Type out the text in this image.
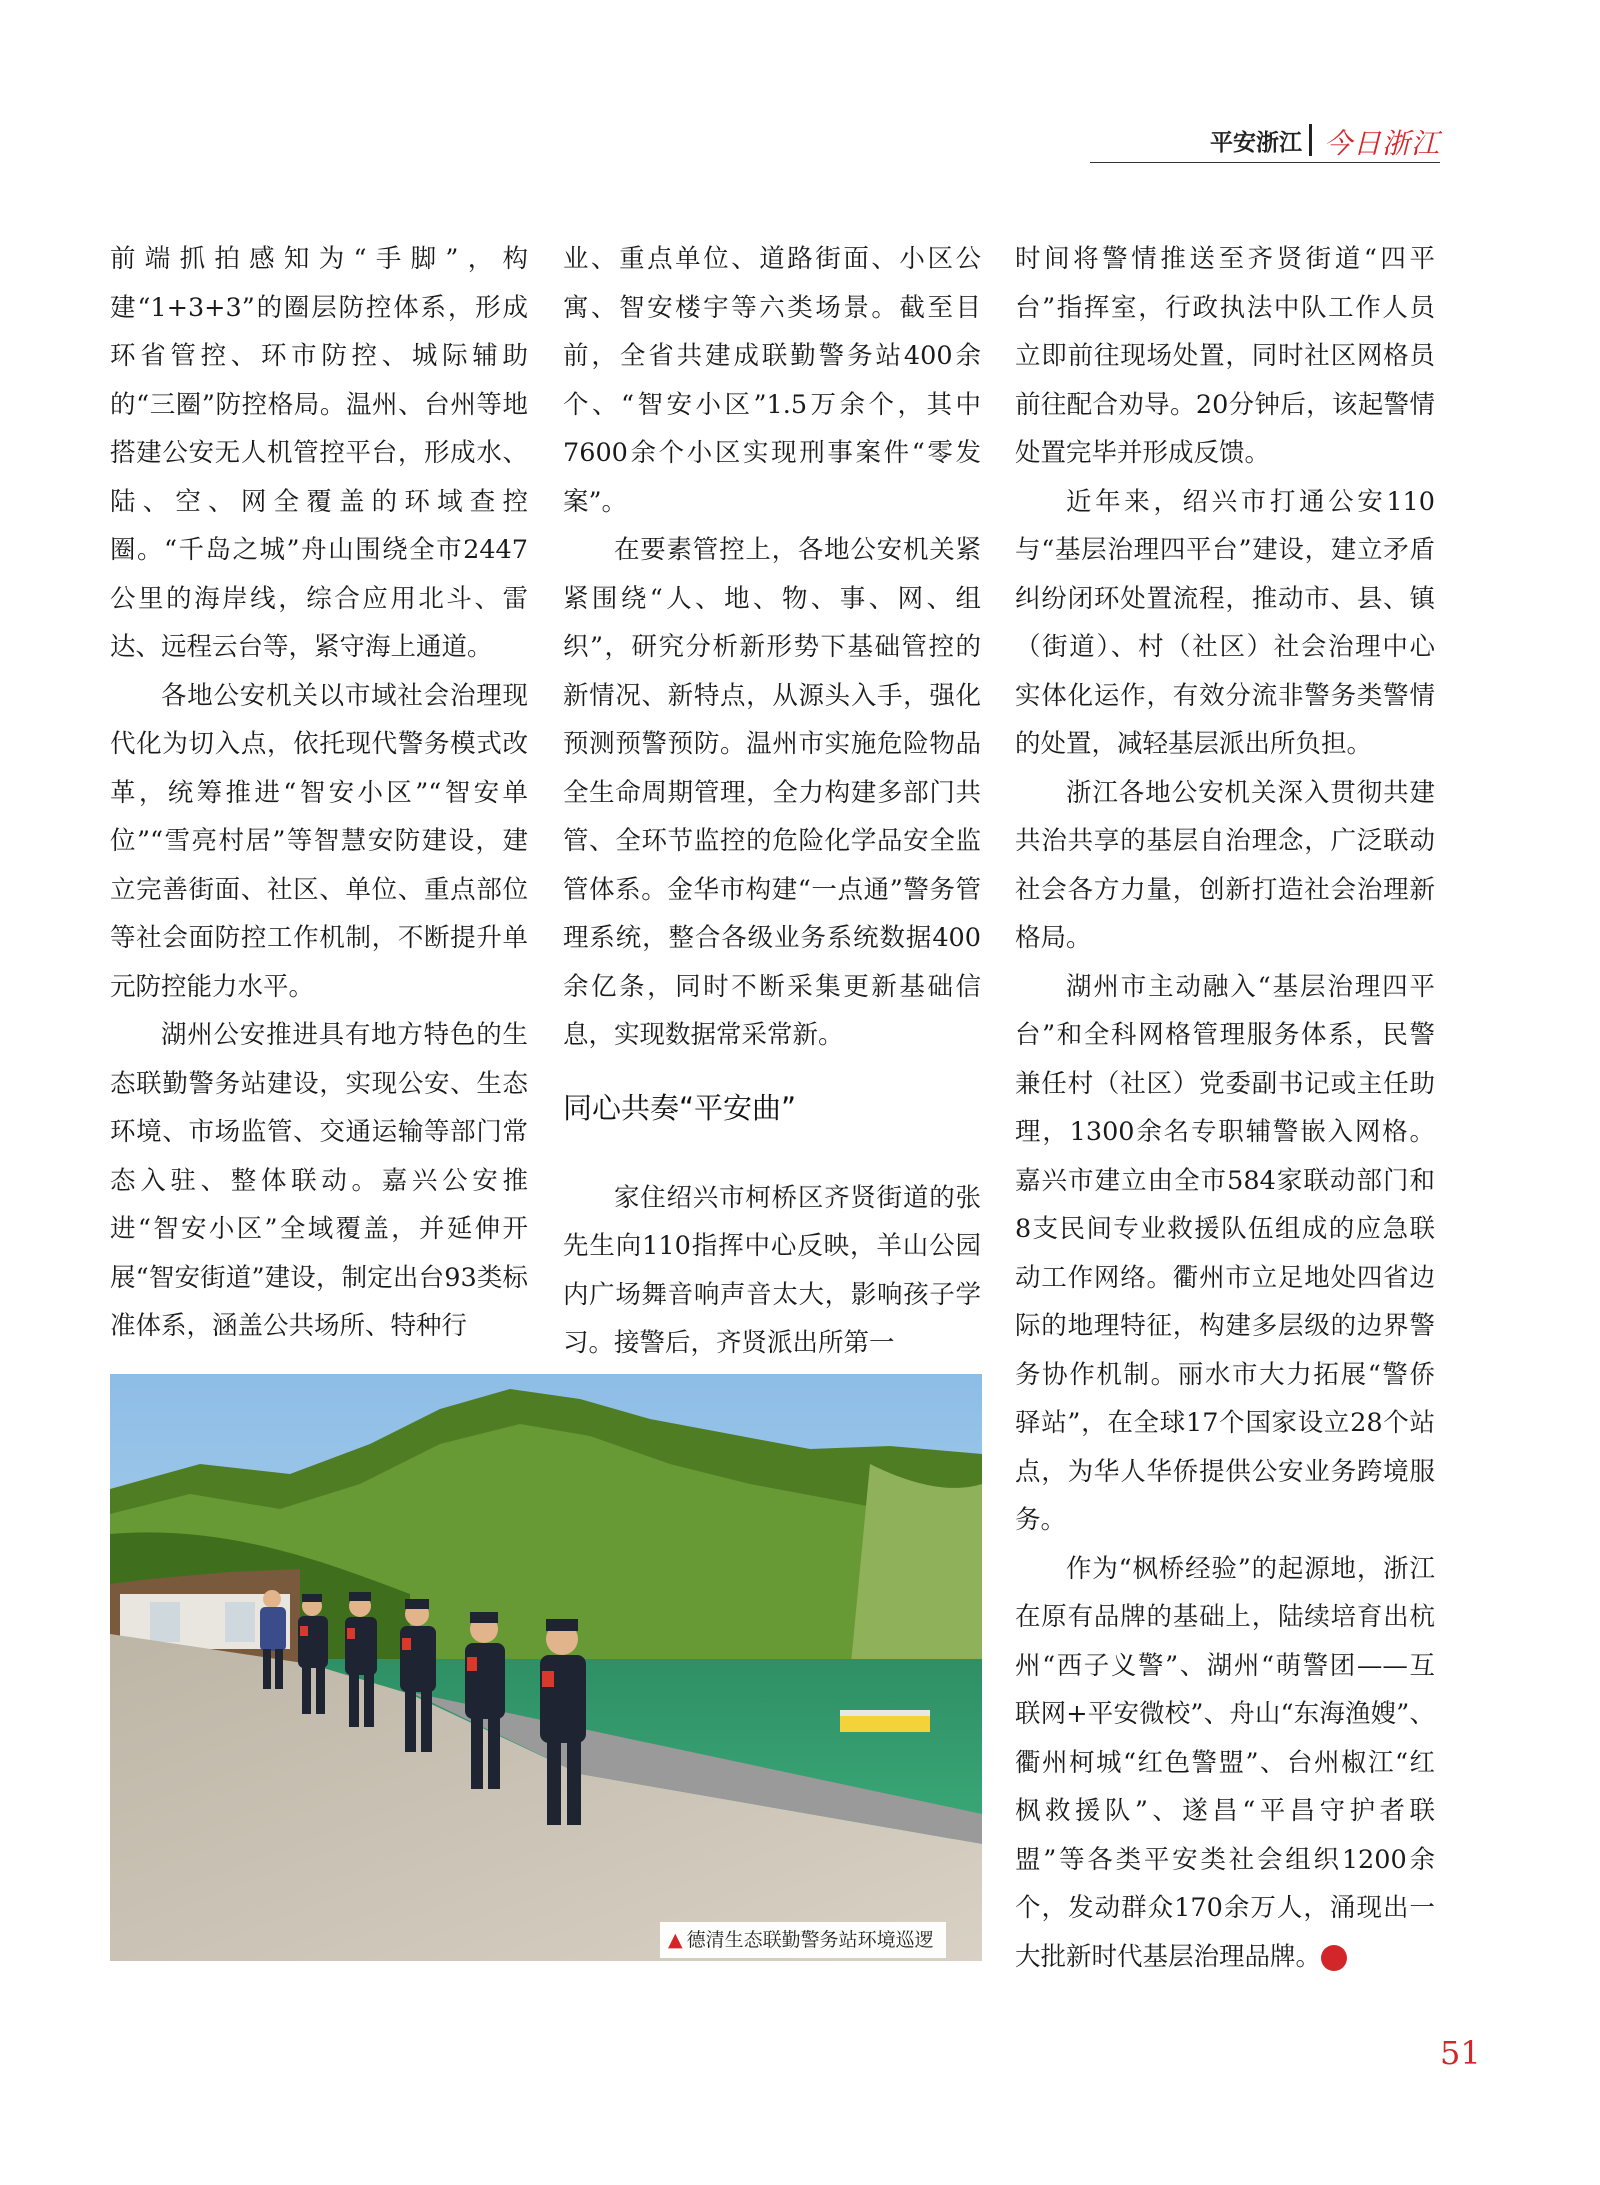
平安浙江 今日浙江

前端抓拍感知为“手脚”，构建“1+3+3”的圈层防控体系，形成环省管控、环市防控、城际辅助的“三圈”防控格局。温州、台州等地搭建公安无人机管控平台，形成水、陆、空、网全覆盖的环域查控圈。“千岛之城”舟山围绕全市2447公里的海岸线，综合应用北斗、雷达、远程云台等，紧守海上通道。

各地公安机关以市域社会治理现代化为切入点，依托现代警务模式改革，统筹推进“智安小区”“智安单位”“雪亮村居”等智慧安防建设，建立完善街面、社区、单位、重点部位等社会面防控工作机制，不断提升单元防控能力水平。

湖州公安推进具有地方特色的生态联勤警务站建设，实现公安、生态环境、市场监管、交通运输等部门常态入驻、整体联动。嘉兴公安推进“智安小区”全域覆盖，并延伸开展“智安街道”建设，制定出台93类标准体系，涵盖公共场所、特种行

业、重点单位、道路街面、小区公寓、智安楼宇等六类场景。截至目前，全省共建成联勤警务站400余个、“智安小区”1.5万余个，其中7600余个小区实现刑事案件“零发案”。

在要素管控上，各地公安机关紧紧围绕“人、地、物、事、网、组织”，研究分析新形势下基础管控的新情况、新特点，从源头入手，强化预测预警预防。温州市实施危险物品全生命周期管理，全力构建多部门共管、全环节监控的危险化学品安全监管体系。金华市构建“一点通”警务管理系统，整合各级业务系统数据400余亿条，同时不断采集更新基础信息，实现数据常采常新。

同心共奏“平安曲”

家住绍兴市柯桥区齐贤街道的张先生向110指挥中心反映，羊山公园内广场舞音响声音太大，影响孩子学习。接警后，齐贤派出所第一

时间将警情推送至齐贤街道“四平台”指挥室，行政执法中队工作人员立即前往现场处置，同时社区网格员前往配合劝导。20分钟后，该起警情处置完毕并形成反馈。

近年来，绍兴市打通公安110与“基层治理四平台”建设，建立矛盾纠纷闭环处置流程，推动市、县、镇（街道）、村（社区）社会治理中心实体化运作，有效分流非警务类警情的处置，减轻基层派出所负担。

浙江各地公安机关深入贯彻共建共治共享的基层自治理念，广泛联动社会各方力量，创新打造社会治理新格局。

湖州市主动融入“基层治理四平台”和全科网格管理服务体系，民警兼任村（社区）党委副书记或主任助理，1300余名专职辅警嵌入网格。嘉兴市建立由全市584家联动部门和8支民间专业救援队伍组成的应急联动工作网络。衢州市立足地处四省边际的地理特征，构建多层级的边界警务协作机制。丽水市大力拓展“警侨驿站”，在全球17个国家设立28个站点，为华人华侨提供公安业务跨境服务。

作为“枫桥经验”的起源地，浙江在原有品牌的基础上，陆续培育出杭州“西子义警”、湖州“萌警团——互联网+平安微校”、舟山“东海渔嫂”、衢州柯城“红色警盟”、台州椒江“红枫救援队”、遂昌“平昌守护者联盟”等各类平安类社会组织1200余个，发动群众170余万人，涌现出一大批新时代基层治理品牌。	今

▲ 德清生态联勤警务站环境巡逻
51
